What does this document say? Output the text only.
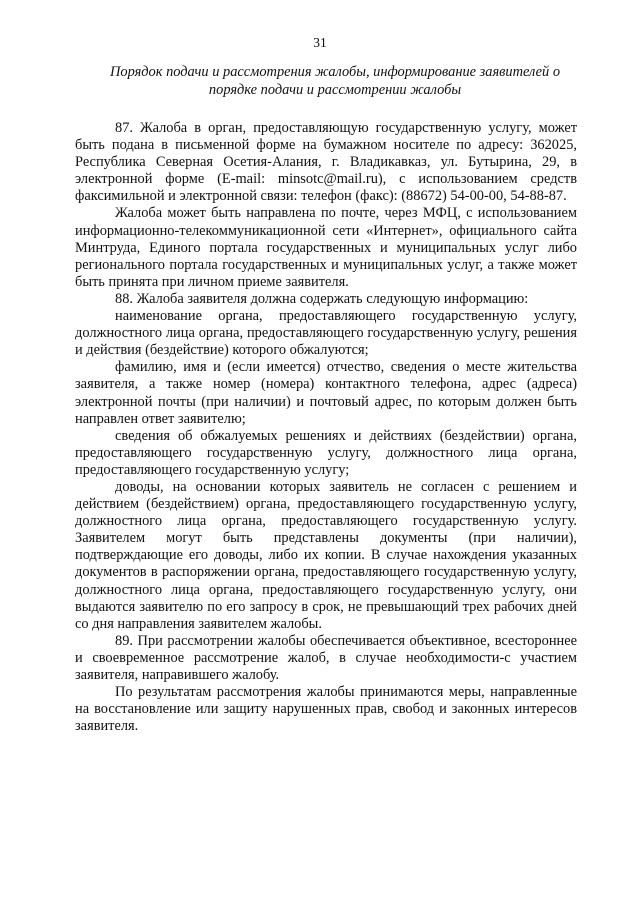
31
Порядок подачи и рассмотрения жалобы, информирование заявителей о порядке подачи и рассмотрении жалобы

87. Жалоба в орган, предоставляющую государственную услугу, может быть подана в письменной форме на бумажном носителе по адресу: 362025, Республика Северная Осетия-Алания, г. Владикавказ, ул. Бутырина, 29, в электронной форме (E-mail: minsotc@mail.ru), с использованием средств факсимильной и электронной связи: телефон (факс): (88672) 54-00-00, 54-88-87.

Жалоба может быть направлена по почте, через МФЦ, с использованием информационно-телекоммуникационной сети «Интернет», официального сайта Минтруда, Единого портала государственных и муниципальных услуг либо регионального портала государственных и муниципальных услуг, а также может быть принята при личном приеме заявителя.

88. Жалоба заявителя должна содержать следующую информацию:

наименование органа, предоставляющего государственную услугу, должностного лица органа, предоставляющего государственную услугу, решения и действия (бездействие) которого обжалуются;

фамилию, имя и (если имеется) отчество, сведения о месте жительства заявителя, а также номер (номера) контактного телефона, адрес (адреса) электронной почты (при наличии) и почтовый адрес, по которым должен быть направлен ответ заявителю;

сведения об обжалуемых решениях и действиях (бездействии) органа, предоставляющего государственную услугу, должностного лица органа, предоставляющего государственную услугу;

доводы, на основании которых заявитель не согласен с решением и действием (бездействием) органа, предоставляющего государственную услугу, должностного лица органа, предоставляющего государственную услугу. Заявителем могут быть представлены документы (при наличии), подтверждающие его доводы, либо их копии. В случае нахождения указанных документов в распоряжении органа, предоставляющего государственную услугу, должностного лица органа, предоставляющего государственную услугу, они выдаются заявителю по его запросу в срок, не превышающий трех рабочих дней со дня направления заявителем жалобы.

89. При рассмотрении жалобы обеспечивается объективное, всестороннее и своевременное рассмотрение жалоб, в случае необходимости-с участием заявителя, направившего жалобу.

По результатам рассмотрения жалобы принимаются меры, направленные на восстановление или защиту нарушенных прав, свобод и законных интересов заявителя.
